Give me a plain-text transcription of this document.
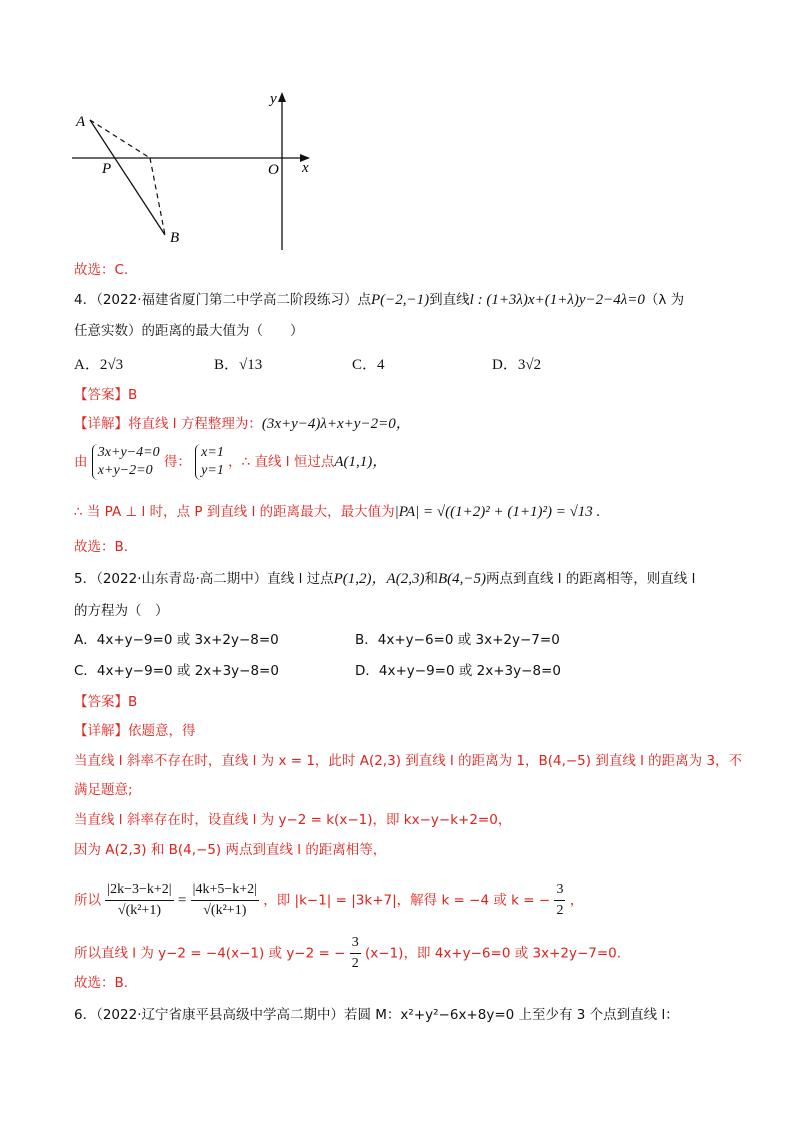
A
P
B
O x
y
故选：C.
4．（2022·福建省厦门第二中学高二阶段练习）点P(−2,−1)到直线l : (1+3λ)x+(1+λ)y−2−4λ=0（λ 为
任意实数）的距离的最大值为（　　）
A．2√3	B．√13	C．4	D．3√2
【答案】B
【详解】将直线 l 方程整理为：(3x+y−4)λ+x+y−2=0，
由 3x+y−4=0
x+y−2=0 得： x=1
y=1 ，∴ 直线 l 恒过点A(1,1)，
∴ 当 PA ⊥ l 时，点 P 到直线 l 的距离最大，最大值为|PA| = √((1+2)² + (1+1)²) = √13 .
故选：B.
5．（2022·山东青岛·高二期中）直线 l 过点P(1,2)，A(2,3)和B(4,−5)两点到直线 l 的距离相等，则直线 l
的方程为（　）
A．4x+y−9=0 或 3x+2y−8=0	B．4x+y−6=0 或 3x+2y−7=0
C．4x+y−9=0 或 2x+3y−8=0	D．4x+y−9=0 或 2x+3y−8=0
【答案】B
【详解】依题意，得
当直线 l 斜率不存在时，直线 l 为 x = 1，此时 A(2,3) 到直线 l 的距离为 1，B(4,−5) 到直线 l 的距离为 3，不
满足题意;
当直线 l 斜率存在时，设直线 l 为 y−2 = k(x−1)，即 kx−y−k+2=0，
因为 A(2,3) 和 B(4,−5) 两点到直线 l 的距离相等，
所以 $\frac{|2k-3-k+2|}{\text{√(k²+1)}} = \frac{|4k+5-k+2|}{\text{√(k²+1)}}$ ，即 |k−1| = |3k+7|，解得 k = −4 或 k = − $\frac{3}{2}$ ，
所以直线 l 为 y−2 = −4(x−1) 或 y−2 = − $\frac{3}{2} (x-1)$，即 4x+y−6=0 或 3x+2y−7=0.
故选：B.
6．（2022·辽宁省康平县高级中学高二期中）若圆 M：x²+y²−6x+8y=0 上至少有 3 个点到直线 l：
